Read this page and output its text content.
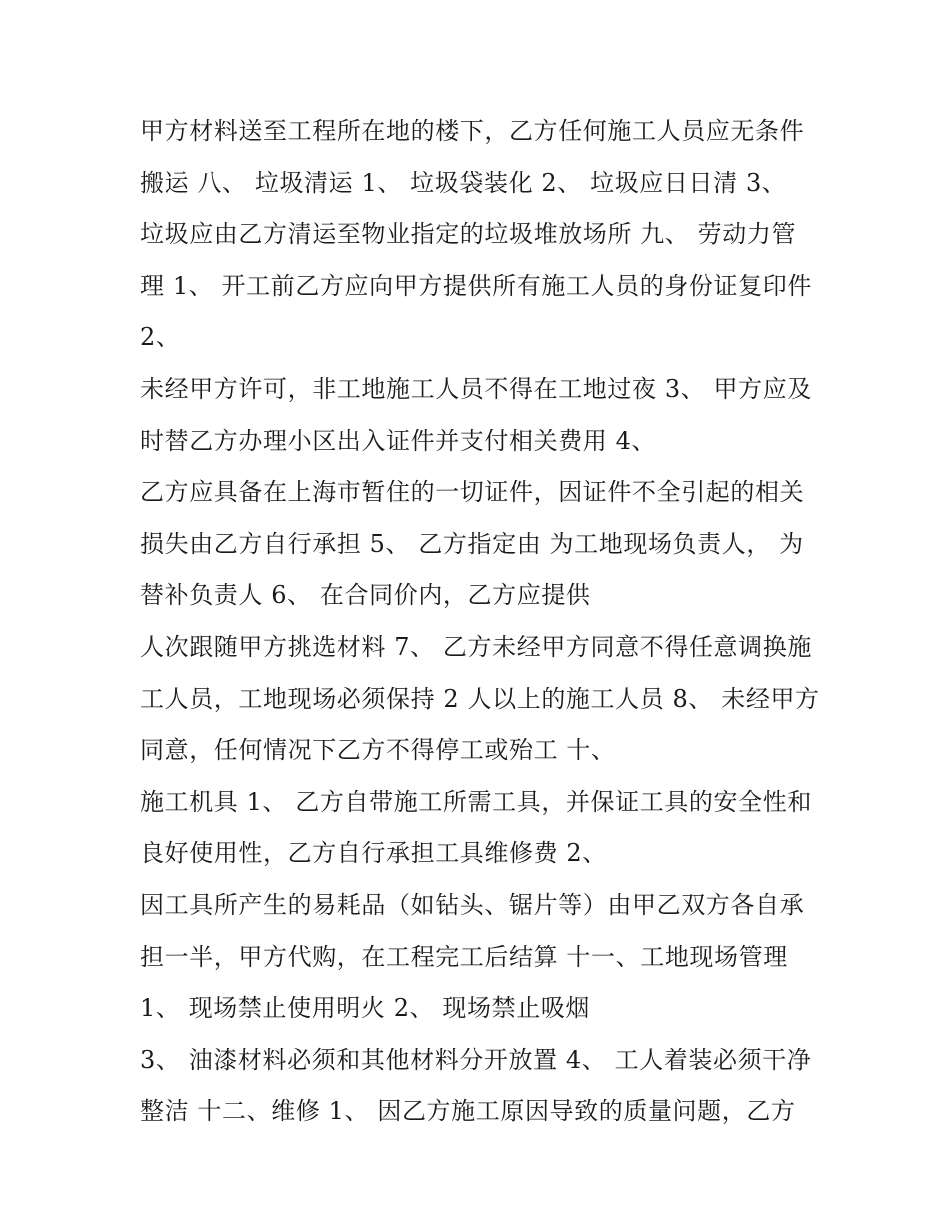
甲方材料送至工程所在地的楼下，乙方任何施工人员应无条件
搬运 八、 垃圾清运 1、 垃圾袋装化 2、 垃圾应日日清 3、
垃圾应由乙方清运至物业指定的垃圾堆放场所 九、 劳动力管
理 1、 开工前乙方应向甲方提供所有施工人员的身份证复印件
2、
未经甲方许可，非工地施工人员不得在工地过夜 3、 甲方应及
时替乙方办理小区出入证件并支付相关费用 4、
乙方应具备在上海市暂住的一切证件，因证件不全引起的相关
损失由乙方自行承担 5、 乙方指定由 为工地现场负责人， 为
替补负责人 6、 在合同价内，乙方应提供
人次跟随甲方挑选材料 7、 乙方未经甲方同意不得任意调换施
工人员，工地现场必须保持 2 人以上的施工人员 8、 未经甲方
同意，任何情况下乙方不得停工或殆工 十、
施工机具 1、 乙方自带施工所需工具，并保证工具的安全性和
良好使用性，乙方自行承担工具维修费 2、
因工具所产生的易耗品（如钻头、锯片等）由甲乙双方各自承
担一半，甲方代购，在工程完工后结算 十一、工地现场管理
1、 现场禁止使用明火 2、 现场禁止吸烟
3、 油漆材料必须和其他材料分开放置 4、 工人着装必须干净
整洁 十二、维修 1、 因乙方施工原因导致的质量问题，乙方
